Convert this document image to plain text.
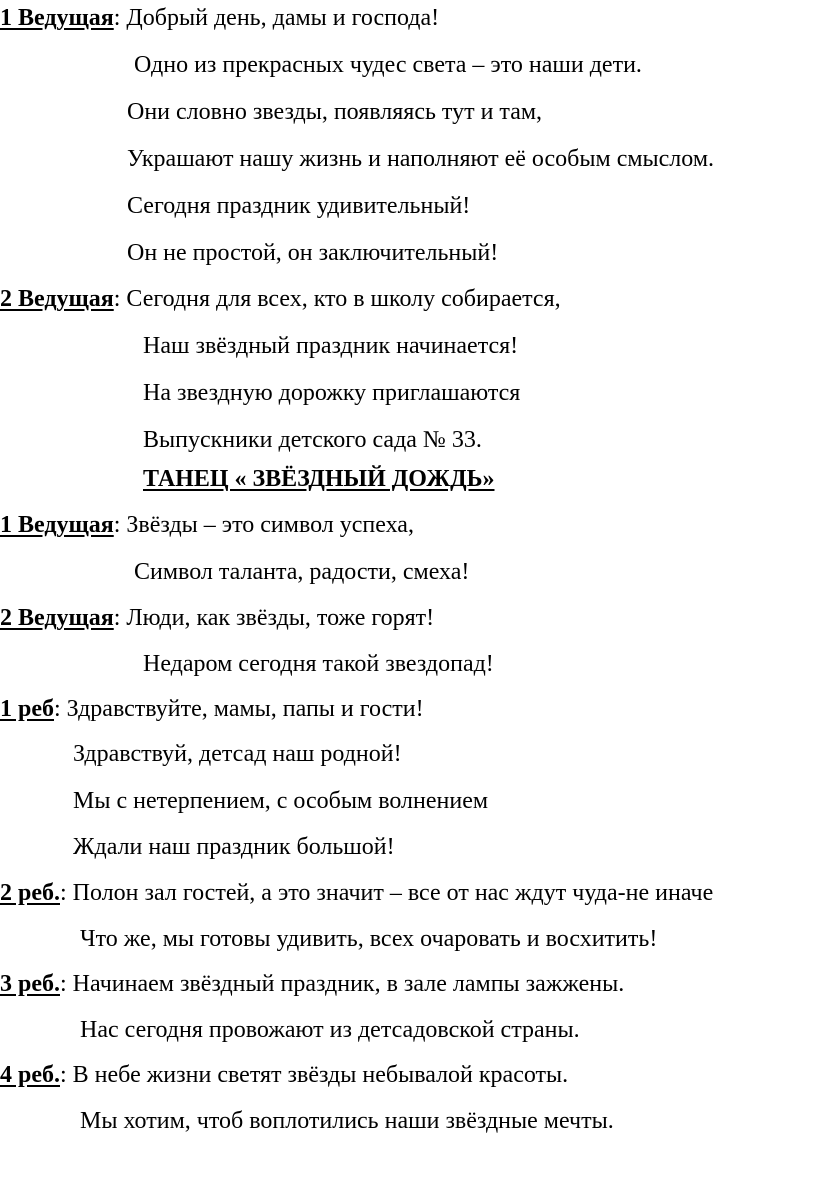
1 Ведущая: Добрый день, дамы и господа!
Одно из прекрасных чудес света – это наши дети.
Они словно звезды, появляясь тут и там,
Украшают нашу жизнь и наполняют её особым смыслом.
Сегодня праздник удивительный!
Он не простой, он заключительный!
2 Ведущая: Сегодня для всех, кто в школу собирается,
Наш звёздный праздник начинается!
На звездную дорожку приглашаются
Выпускники детского сада № 33.
ТАНЕЦ « ЗВЁЗДНЫЙ ДОЖДЬ»
1 Ведущая: Звёзды – это символ успеха,
Символ таланта, радости, смеха!
2 Ведущая: Люди, как звёзды, тоже горят!
Недаром сегодня такой звездопад!
1 реб: Здравствуйте, мамы, папы и гости!
Здравствуй, детсад наш родной!
Мы с нетерпением, с особым волнением
Ждали наш праздник большой!
2 реб.: Полон зал гостей, а это значит – все от нас ждут чуда-не иначе
Что же, мы готовы удивить, всех очаровать и восхитить!
3 реб.: Начинаем звёздный праздник, в зале лампы зажжены.
Нас сегодня провожают из детсадовской страны.
4 реб.: В небе жизни светят звёзды небывалой красоты.
Мы хотим, чтоб воплотились наши звёздные мечты.
